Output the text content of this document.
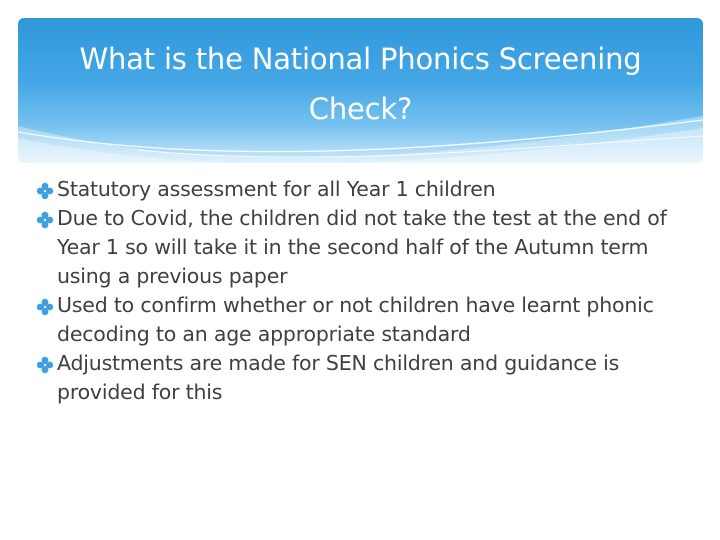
What is the National Phonics Screening
Check?
Statutory assessment for all Year 1 children
Due to Covid, the children did not take the test at the end of Year 1 so will take it in the second half of the Autumn term using a previous paper
Used to confirm whether or not children have learnt phonic decoding to an age appropriate standard
Adjustments are made for SEN children and guidance is provided for this
